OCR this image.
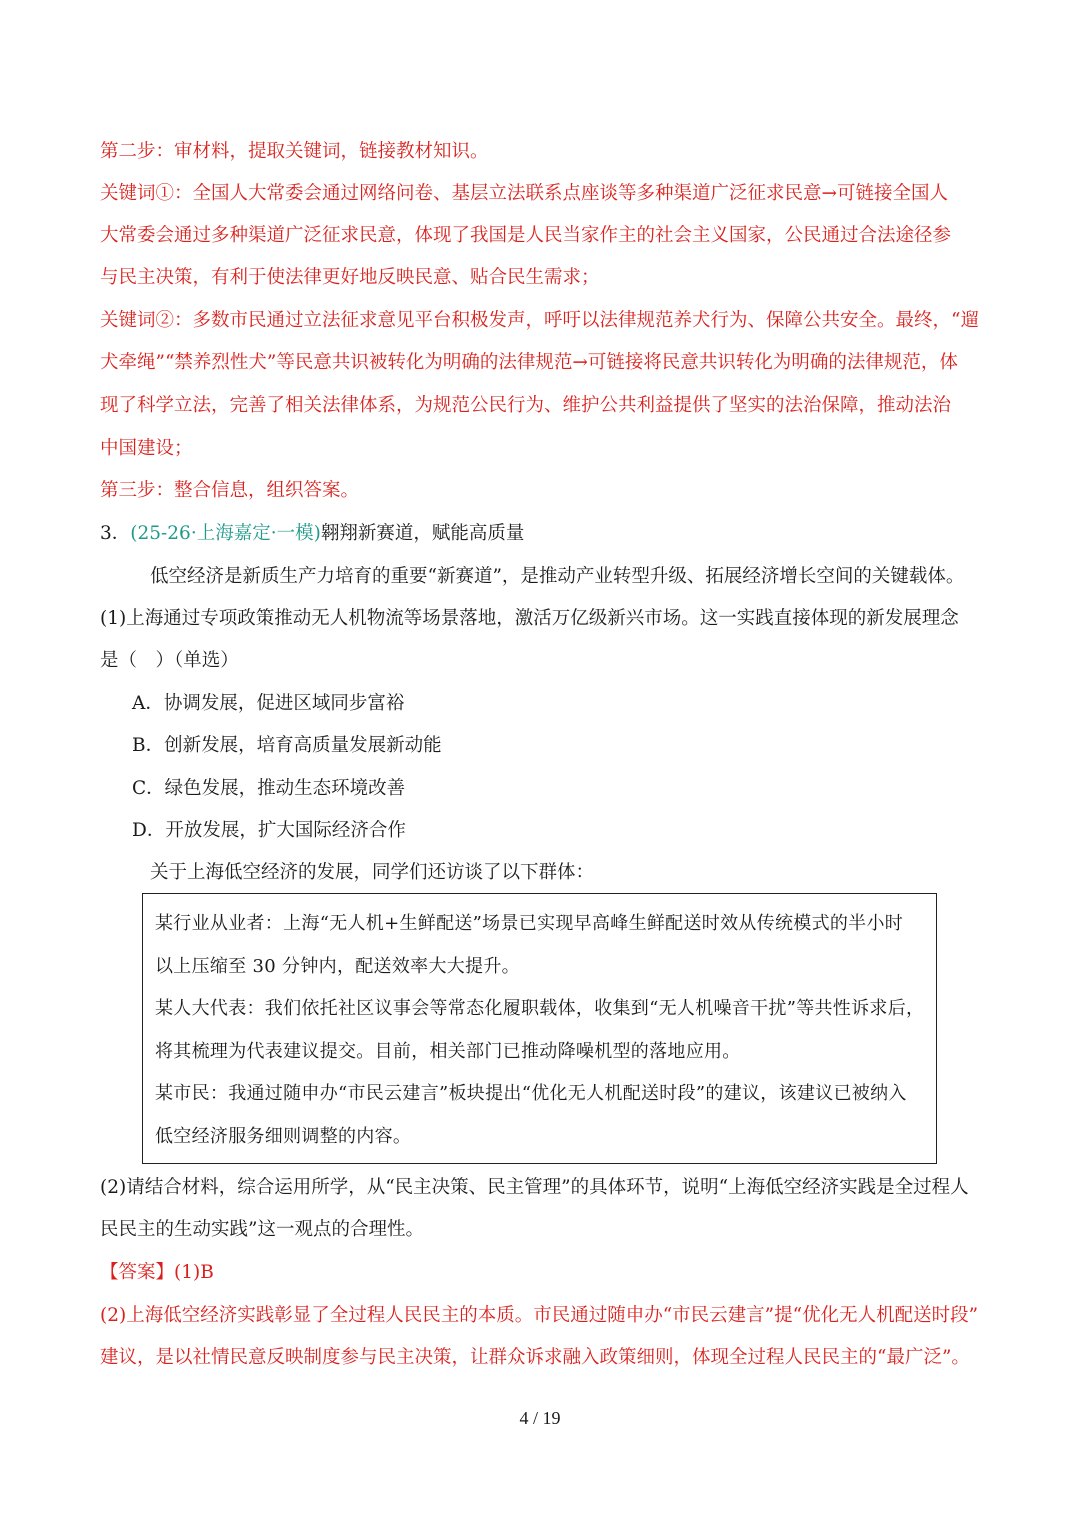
第二步：审材料，提取关键词，链接教材知识。
关键词①：全国人大常委会通过网络问卷、基层立法联系点座谈等多种渠道广泛征求民意→可链接全国人
大常委会通过多种渠道广泛征求民意，体现了我国是人民当家作主的社会主义国家，公民通过合法途径参
与民主决策，有利于使法律更好地反映民意、贴合民生需求；
关键词②：多数市民通过立法征求意见平台积极发声，呼吁以法律规范养犬行为、保障公共安全。最终，“遛
犬牵绳”“禁养烈性犬”等民意共识被转化为明确的法律规范→可链接将民意共识转化为明确的法律规范，体
现了科学立法，完善了相关法律体系，为规范公民行为、维护公共利益提供了坚实的法治保障，推动法治
中国建设；
第三步：整合信息，组织答案。
3．(25-26·上海嘉定·一模)翱翔新赛道，赋能高质量
低空经济是新质生产力培育的重要“新赛道”，是推动产业转型升级、拓展经济增长空间的关键载体。
(1)上海通过专项政策推动无人机物流等场景落地，激活万亿级新兴市场。这一实践直接体现的新发展理念
是（　）（单选）
A．协调发展，促进区域同步富裕
B．创新发展，培育高质量发展新动能
C．绿色发展，推动生态环境改善
D．开放发展，扩大国际经济合作
关于上海低空经济的发展，同学们还访谈了以下群体：
某行业从业者：上海“无人机+生鲜配送”场景已实现早高峰生鲜配送时效从传统模式的半小时
以上压缩至 30 分钟内，配送效率大大提升。
某人大代表：我们依托社区议事会等常态化履职载体，收集到“无人机噪音干扰”等共性诉求后，
将其梳理为代表建议提交。目前，相关部门已推动降噪机型的落地应用。
某市民：我通过随申办“市民云建言”板块提出“优化无人机配送时段”的建议，该建议已被纳入
低空经济服务细则调整的内容。
(2)请结合材料，综合运用所学，从“民主决策、民主管理”的具体环节，说明“上海低空经济实践是全过程人
民民主的生动实践”这一观点的合理性。
【答案】(1)B
(2)上海低空经济实践彰显了全过程人民民主的本质。市民通过随申办“市民云建言”提“优化无人机配送时段”
建议，是以社情民意反映制度参与民主决策，让群众诉求融入政策细则，体现全过程人民民主的“最广泛”。
4 / 19
